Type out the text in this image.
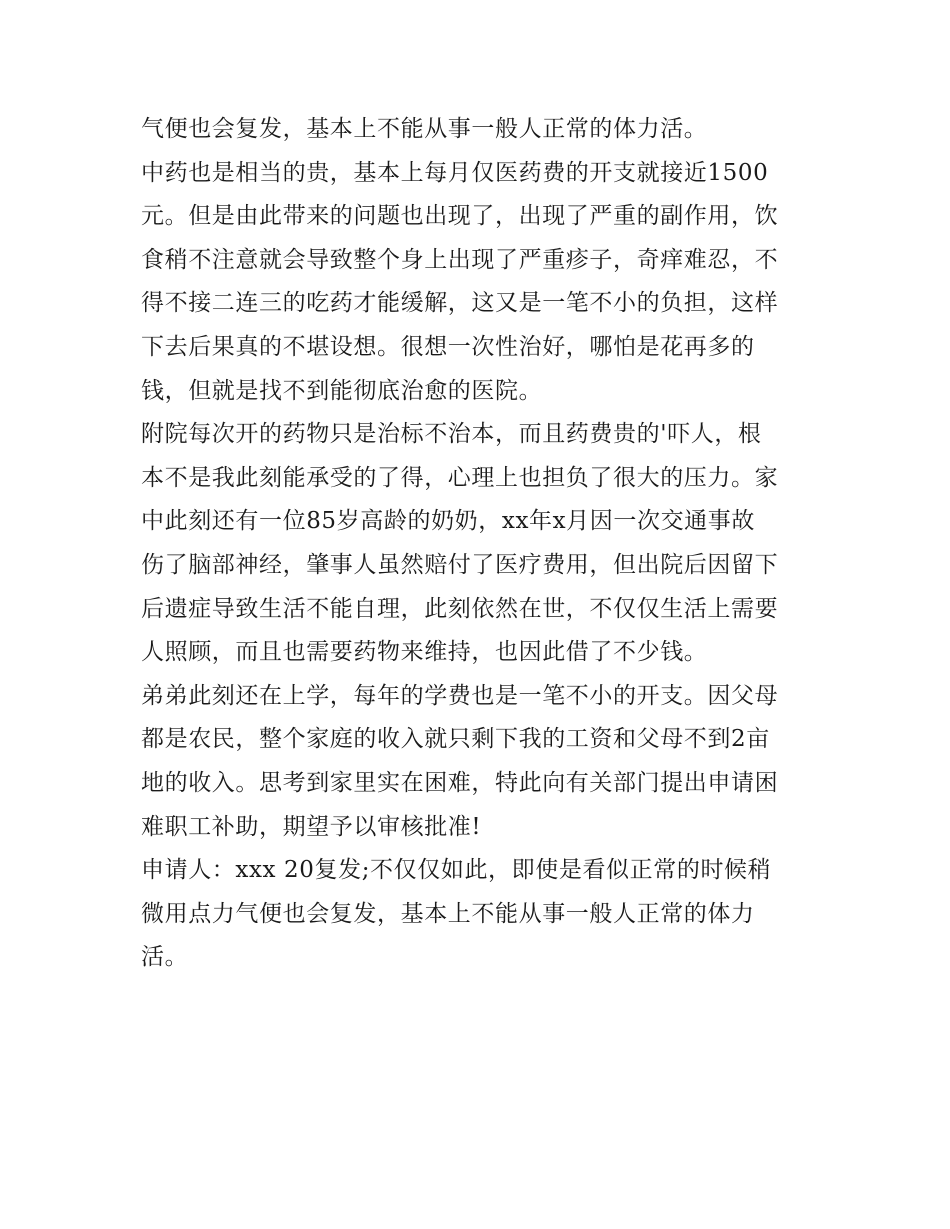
气便也会复发，基本上不能从事一般人正常的体力活。
中药也是相当的贵，基本上每月仅医药费的开支就接近1500
元。但是由此带来的问题也出现了，出现了严重的副作用，饮
食稍不注意就会导致整个身上出现了严重疹子，奇痒难忍，不
得不接二连三的吃药才能缓解，这又是一笔不小的负担，这样
下去后果真的不堪设想。很想一次性治好，哪怕是花再多的
钱，但就是找不到能彻底治愈的医院。
附院每次开的药物只是治标不治本，而且药费贵的'吓人，根
本不是我此刻能承受的了得，心理上也担负了很大的压力。家
中此刻还有一位85岁高龄的奶奶，xx年x月因一次交通事故
伤了脑部神经，肇事人虽然赔付了医疗费用，但出院后因留下
后遗症导致生活不能自理，此刻依然在世，不仅仅生活上需要
人照顾，而且也需要药物来维持，也因此借了不少钱。
弟弟此刻还在上学，每年的学费也是一笔不小的开支。因父母
都是农民，整个家庭的收入就只剩下我的工资和父母不到2亩
地的收入。思考到家里实在困难，特此向有关部门提出申请困
难职工补助，期望予以审核批准!
申请人：xxx 20复发;不仅仅如此，即使是看似正常的时候稍
微用点力气便也会复发，基本上不能从事一般人正常的体力
活。
